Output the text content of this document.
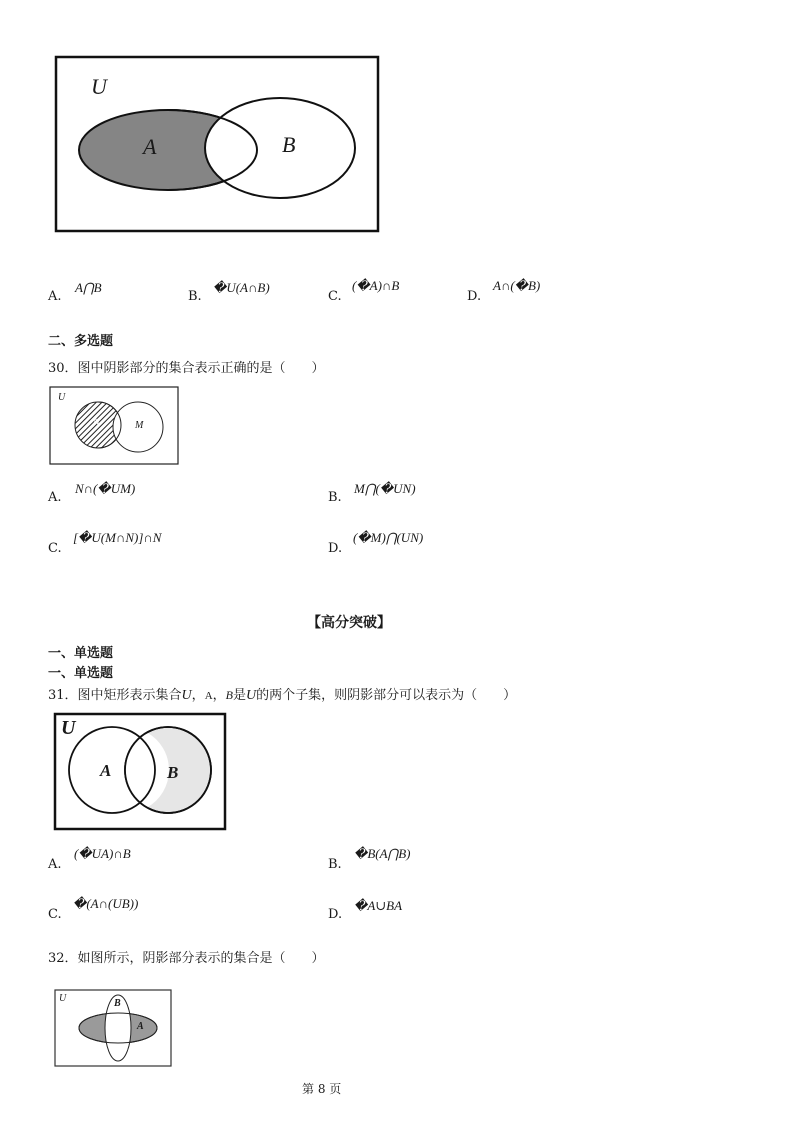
U
A	B
A.
A⋂B
B.
�U(A∩B)
C.
(�A)∩B
D.
A∩(�B)
二、多选题
30．图中阴影部分的集合表示正确的是（　　）
U
N	M
A.
N∩(�UM)
B.
M⋂(�UN)
C.
[�U(M∩N)]∩N
D.
(�M)⋂(UN)
【高分突破】
一、单选题
一、单选题
31．图中矩形表示集合U，A，B是U的两个子集，则阴影部分可以表示为（　　）
U
A	B
A.
(�UA)∩B
B.
�B(A⋂B)
C.
�(A∩(UB))
D.
�A∪BA
32．如图所示，阴影部分表示的集合是（　　）
U	B
A
第 8 页
